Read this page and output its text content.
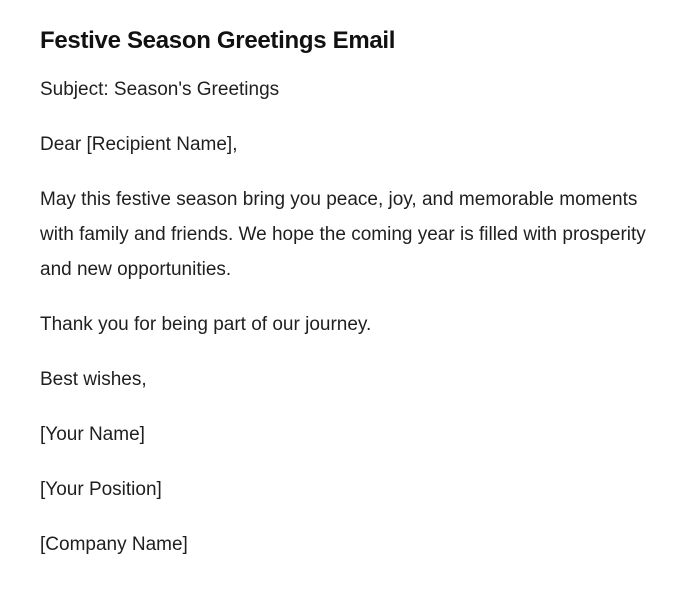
Festive Season Greetings Email

Subject: Season's Greetings

Dear [Recipient Name],

May this festive season bring you peace, joy, and memorable moments with family and friends. We hope the coming year is filled with prosperity and new opportunities.

Thank you for being part of our journey.

Best wishes,

[Your Name]

[Your Position]

[Company Name]
